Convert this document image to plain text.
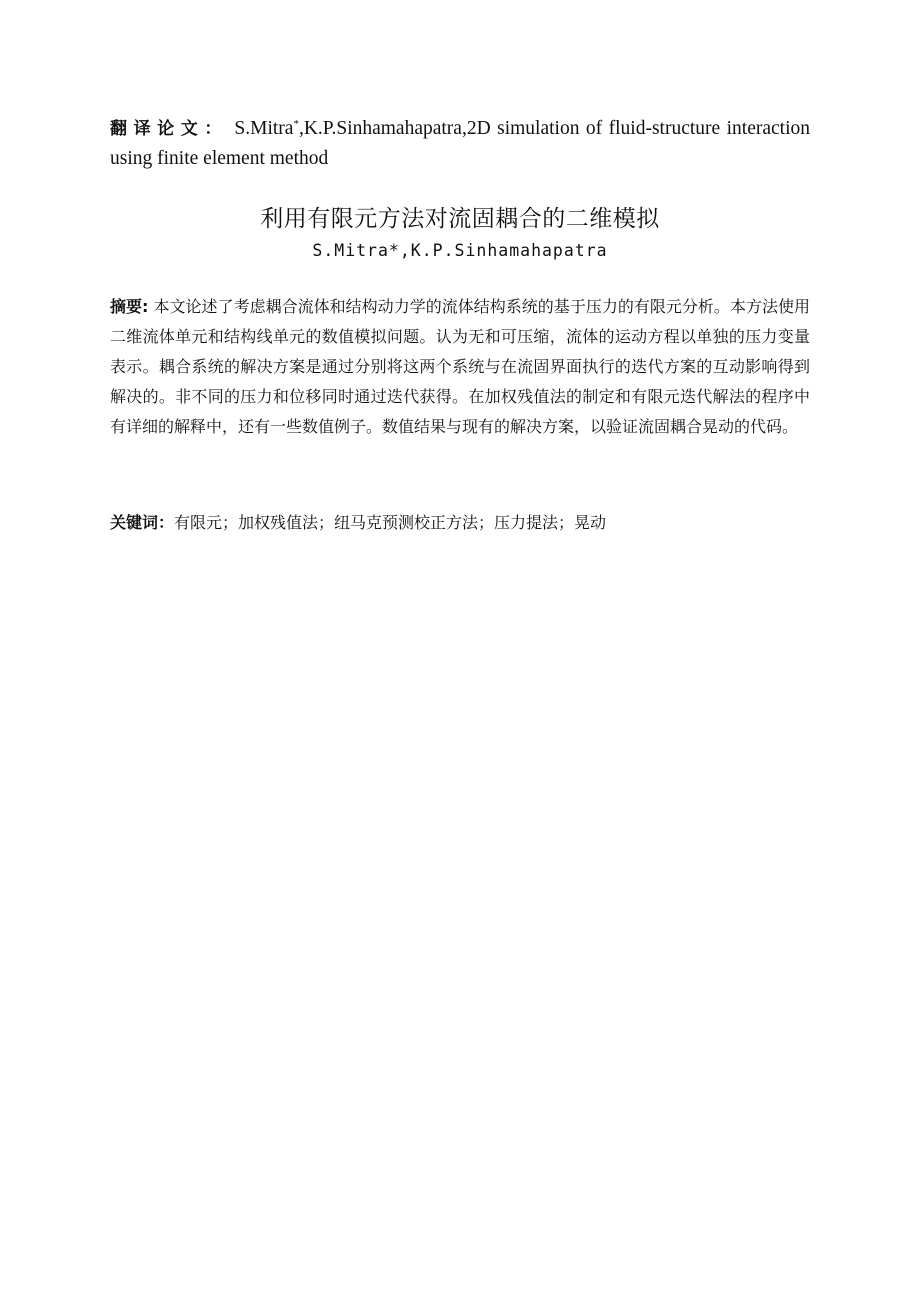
翻译论文： S.Mitra*,K.P.Sinhamahapatra,2D simulation of fluid-structure interaction using finite element method
利用有限元方法对流固耦合的二维模拟
S.Mitra*,K.P.Sinhamahapatra
摘要: 本文论述了考虑耦合流体和结构动力学的流体结构系统的基于压力的有限元分析。本方法使用二维流体单元和结构线单元的数值模拟问题。认为无和可压缩，流体的运动方程以单独的压力变量表示。耦合系统的解决方案是通过分别将这两个系统与在流固界面执行的迭代方案的互动影响得到解决的。非不同的压力和位移同时通过迭代获得。在加权残值法的制定和有限元迭代解法的程序中有详细的解释中，还有一些数值例子。数值结果与现有的解决方案，以验证流固耦合晃动的代码。
关键词：有限元；加权残值法；纽马克预测校正方法；压力提法；晃动
